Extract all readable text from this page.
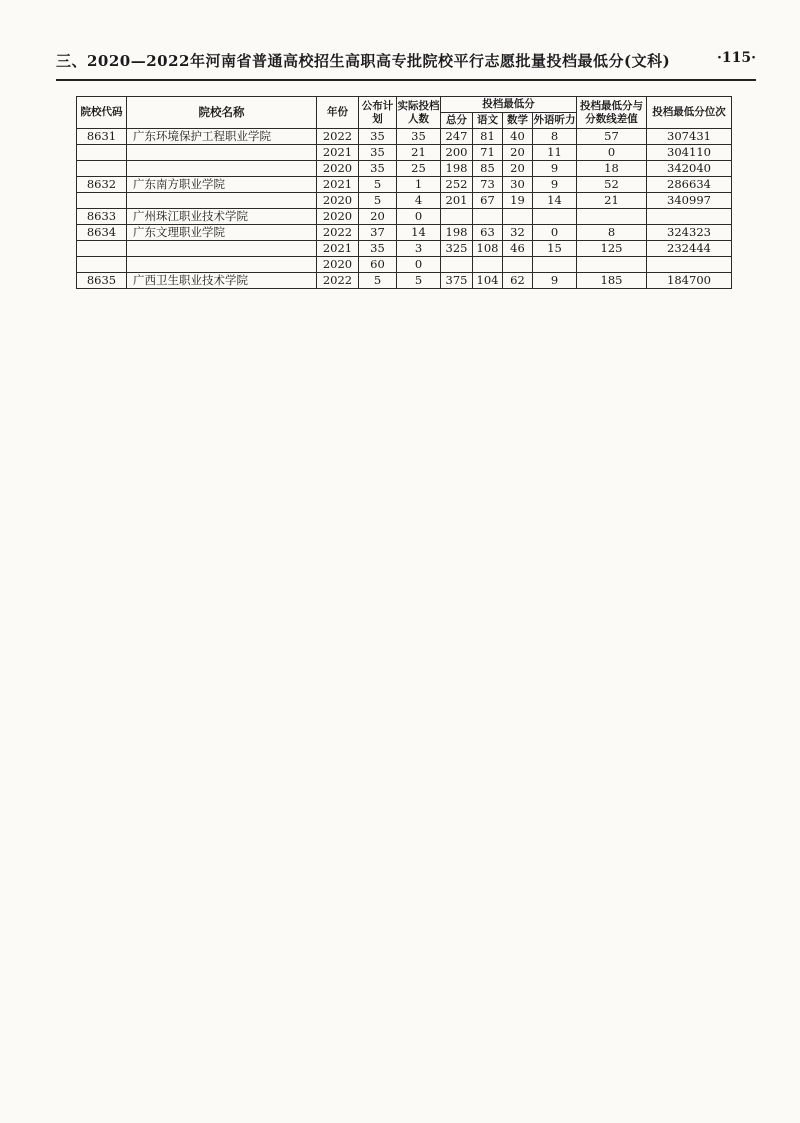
三、2020—2022年河南省普通高校招生高职高专批院校平行志愿批量投档最低分(文科)	·115·
院校代码	院校名称	年份	公布计划	实际投档人数	投档最低分				投档最低分与分数线差值	投档最低分位次
					总分	语文	数学	外语听力		
8631	广东环境保护工程职业学院	2022	35	35	247	81	40	8	57	307431
		2021	35	21	200	71	20	11	0	304110
		2020	35	25	198	85	20	9	18	342040
8632	广东南方职业学院	2021	5	1	252	73	30	9	52	286634
		2020	5	4	201	67	19	14	21	340997
8633	广州珠江职业技术学院	2020	20	0						
8634	广东文理职业学院	2022	37	14	198	63	32	0	8	324323
		2021	35	3	325	108	46	15	125	232444
		2020	60	0						
8635	广西卫生职业技术学院	2022	5	5	375	104	62	9	185	184700
